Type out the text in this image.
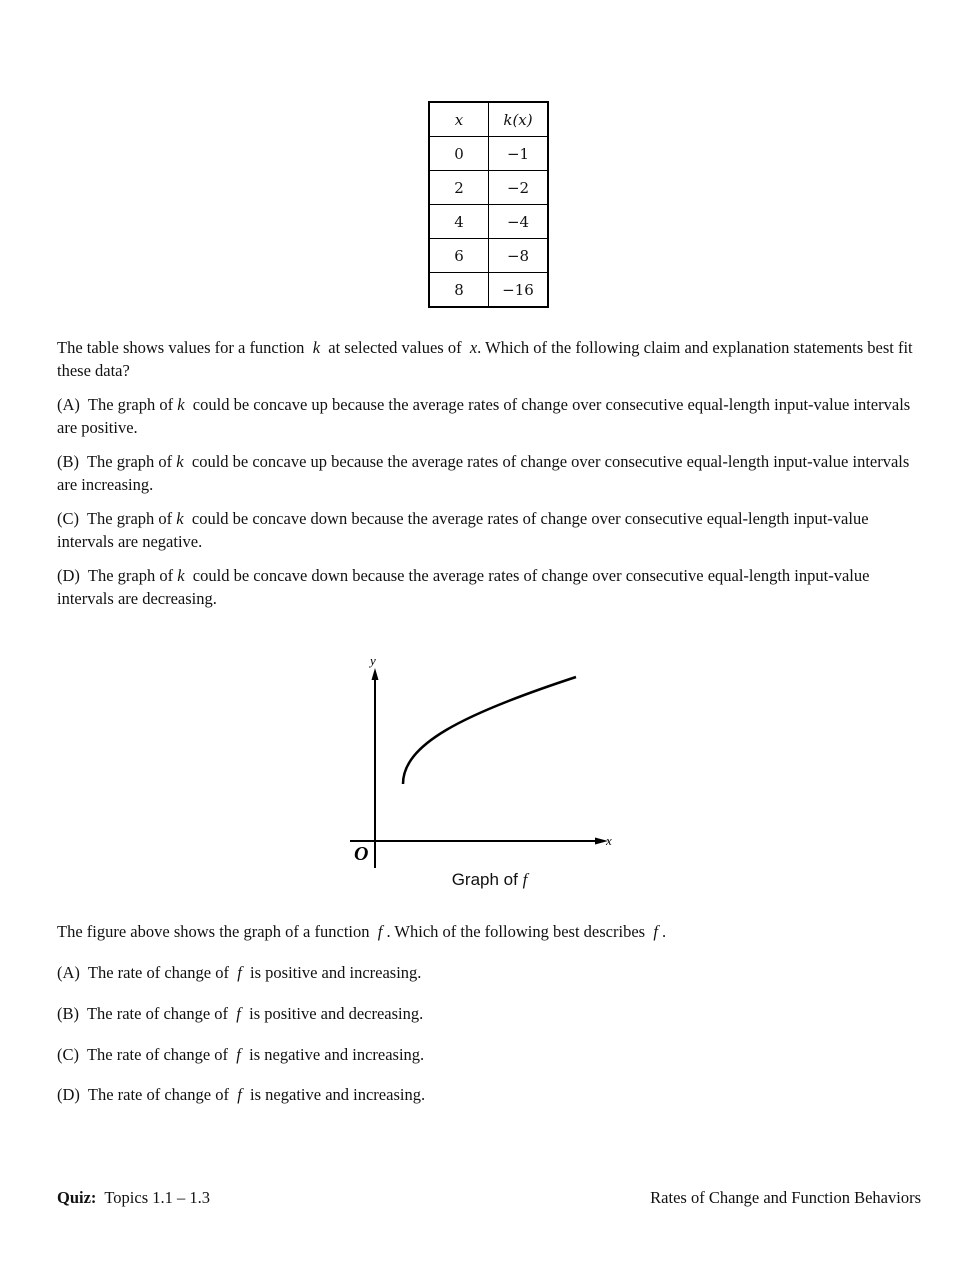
x	k(x)
0	−1
2	−2
4	−4
6	−8
8	−16
The table shows values for a function k at selected values of x. Which of the following claim and explanation statements best fit these data?
(A) The graph of k could be concave up because the average rates of change over consecutive equal-length input-value intervals are positive.
(B) The graph of k could be concave up because the average rates of change over consecutive equal-length input-value intervals are increasing.
(C) The graph of k could be concave down because the average rates of change over consecutive equal-length input-value intervals are negative.
(D) The graph of k could be concave down because the average rates of change over consecutive equal-length input-value intervals are decreasing.
y
x
O
Graph of f
The figure above shows the graph of a function f . Which of the following best describes f .
(A) The rate of change of f is positive and increasing.
(B) The rate of change of f is positive and decreasing.
(C) The rate of change of f is negative and increasing.
(D) The rate of change of f is negative and increasing.
Quiz: Topics 1.1 – 1.3	Rates of Change and Function Behaviors
